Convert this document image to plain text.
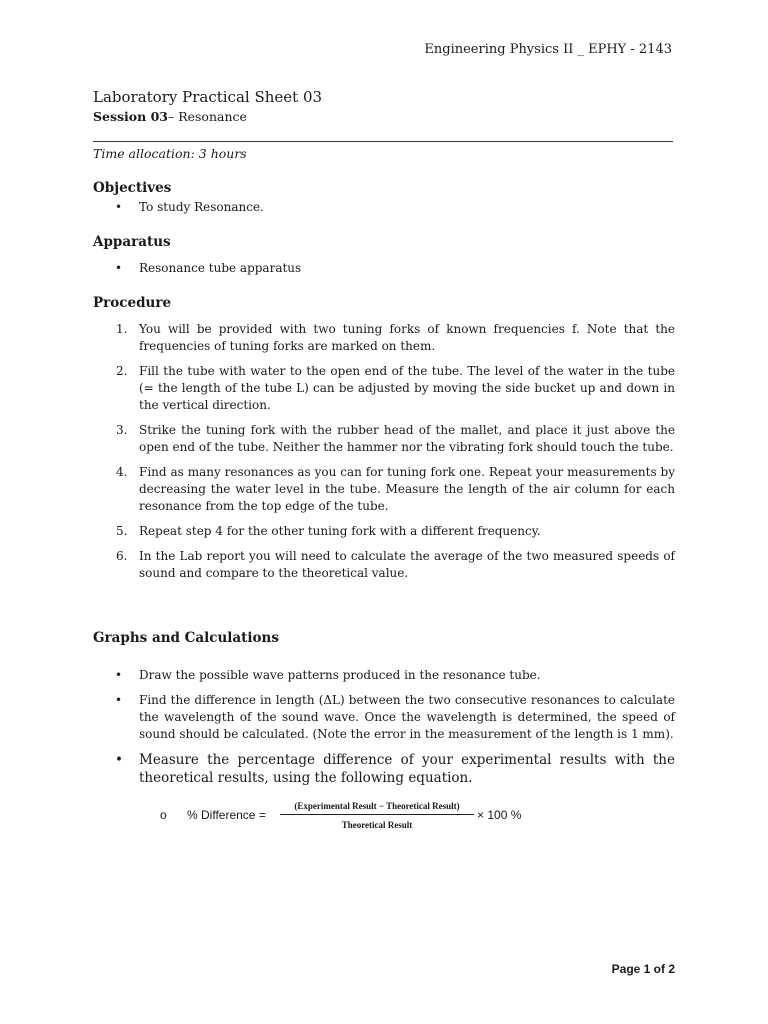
Engineering Physics II _ EPHY - 2143
Laboratory Practical Sheet 03
Session 03– Resonance
Time allocation: 3 hours
Objectives
• To study Resonance.
Apparatus
• Resonance tube apparatus
Procedure
1. You will be provided with two tuning forks of known frequencies f. Note that the frequencies of tuning forks are marked on them.
2. Fill the tube with water to the open end of the tube. The level of the water in the tube (= the length of the tube L) can be adjusted by moving the side bucket up and down in the vertical direction.
3. Strike the tuning fork with the rubber head of the mallet, and place it just above the open end of the tube. Neither the hammer nor the vibrating fork should touch the tube.
4. Find as many resonances as you can for tuning fork one. Repeat your measurements by decreasing the water level in the tube. Measure the length of the air column for each resonance from the top edge of the tube.
5. Repeat step 4 for the other tuning fork with a different frequency.
6. In the Lab report you will need to calculate the average of the two measured speeds of sound and compare to the theoretical value.
Graphs and Calculations
• Draw the possible wave patterns produced in the resonance tube.
• Find the difference in length (ΔL) between the two consecutive resonances to calculate the wavelength of the sound wave. Once the wavelength is determined, the speed of sound should be calculated. (Note the error in the measurement of the length is 1 mm).
• Measure the percentage difference of your experimental results with the theoretical results, using the following equation.
o % Difference =
(Experimental Result − Theoretical Result)
Theoretical Result
× 100 %
Page 1 of 2
